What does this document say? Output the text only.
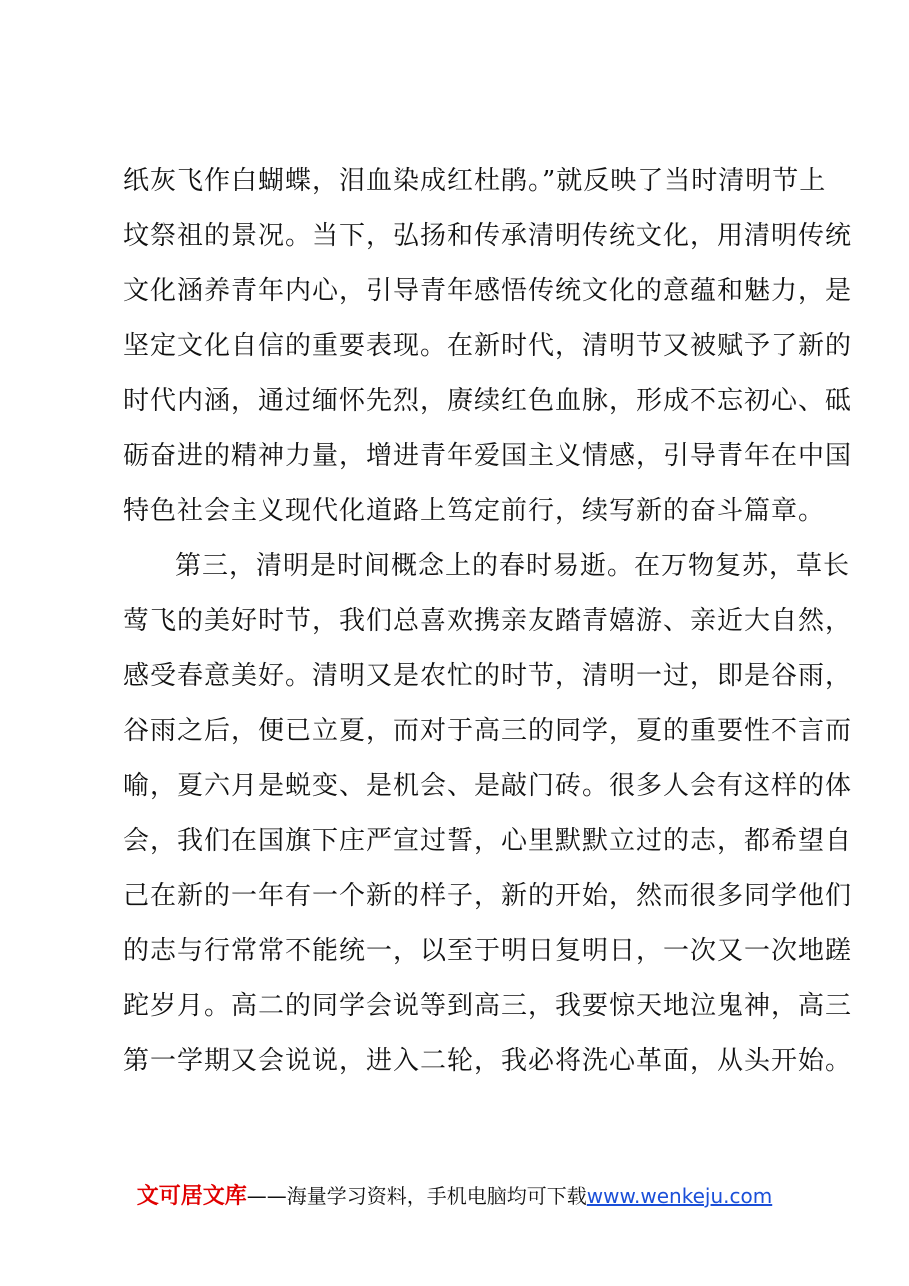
纸灰飞作白蝴蝶，泪血染成红杜鹃。”就反映了当时清明节上
坟祭祖的景况。当下，弘扬和传承清明传统文化，用清明传统
文化涵养青年内心，引导青年感悟传统文化的意蕴和魅力，是
坚定文化自信的重要表现。在新时代，清明节又被赋予了新的
时代内涵，通过缅怀先烈，赓续红色血脉，形成不忘初心、砥
砺奋进的精神力量，增进青年爱国主义情感，引导青年在中国
特色社会主义现代化道路上笃定前行，续写新的奋斗篇章。
第三，清明是时间概念上的春时易逝。在万物复苏，草长
莺飞的美好时节，我们总喜欢携亲友踏青嬉游、亲近大自然，
感受春意美好。清明又是农忙的时节，清明一过，即是谷雨，
谷雨之后，便已立夏，而对于高三的同学，夏的重要性不言而
喻，夏六月是蜕变、是机会、是敲门砖。很多人会有这样的体
会，我们在国旗下庄严宣过誓，心里默默立过的志，都希望自
己在新的一年有一个新的样子，新的开始，然而很多同学他们
的志与行常常不能统一，以至于明日复明日，一次又一次地蹉
跎岁月。高二的同学会说等到高三，我要惊天地泣鬼神，高三
第一学期又会说说，进入二轮，我必将洗心革面，从头开始。
文可居文库——海量学习资料，手机电脑均可下载www.wenkeju.com
